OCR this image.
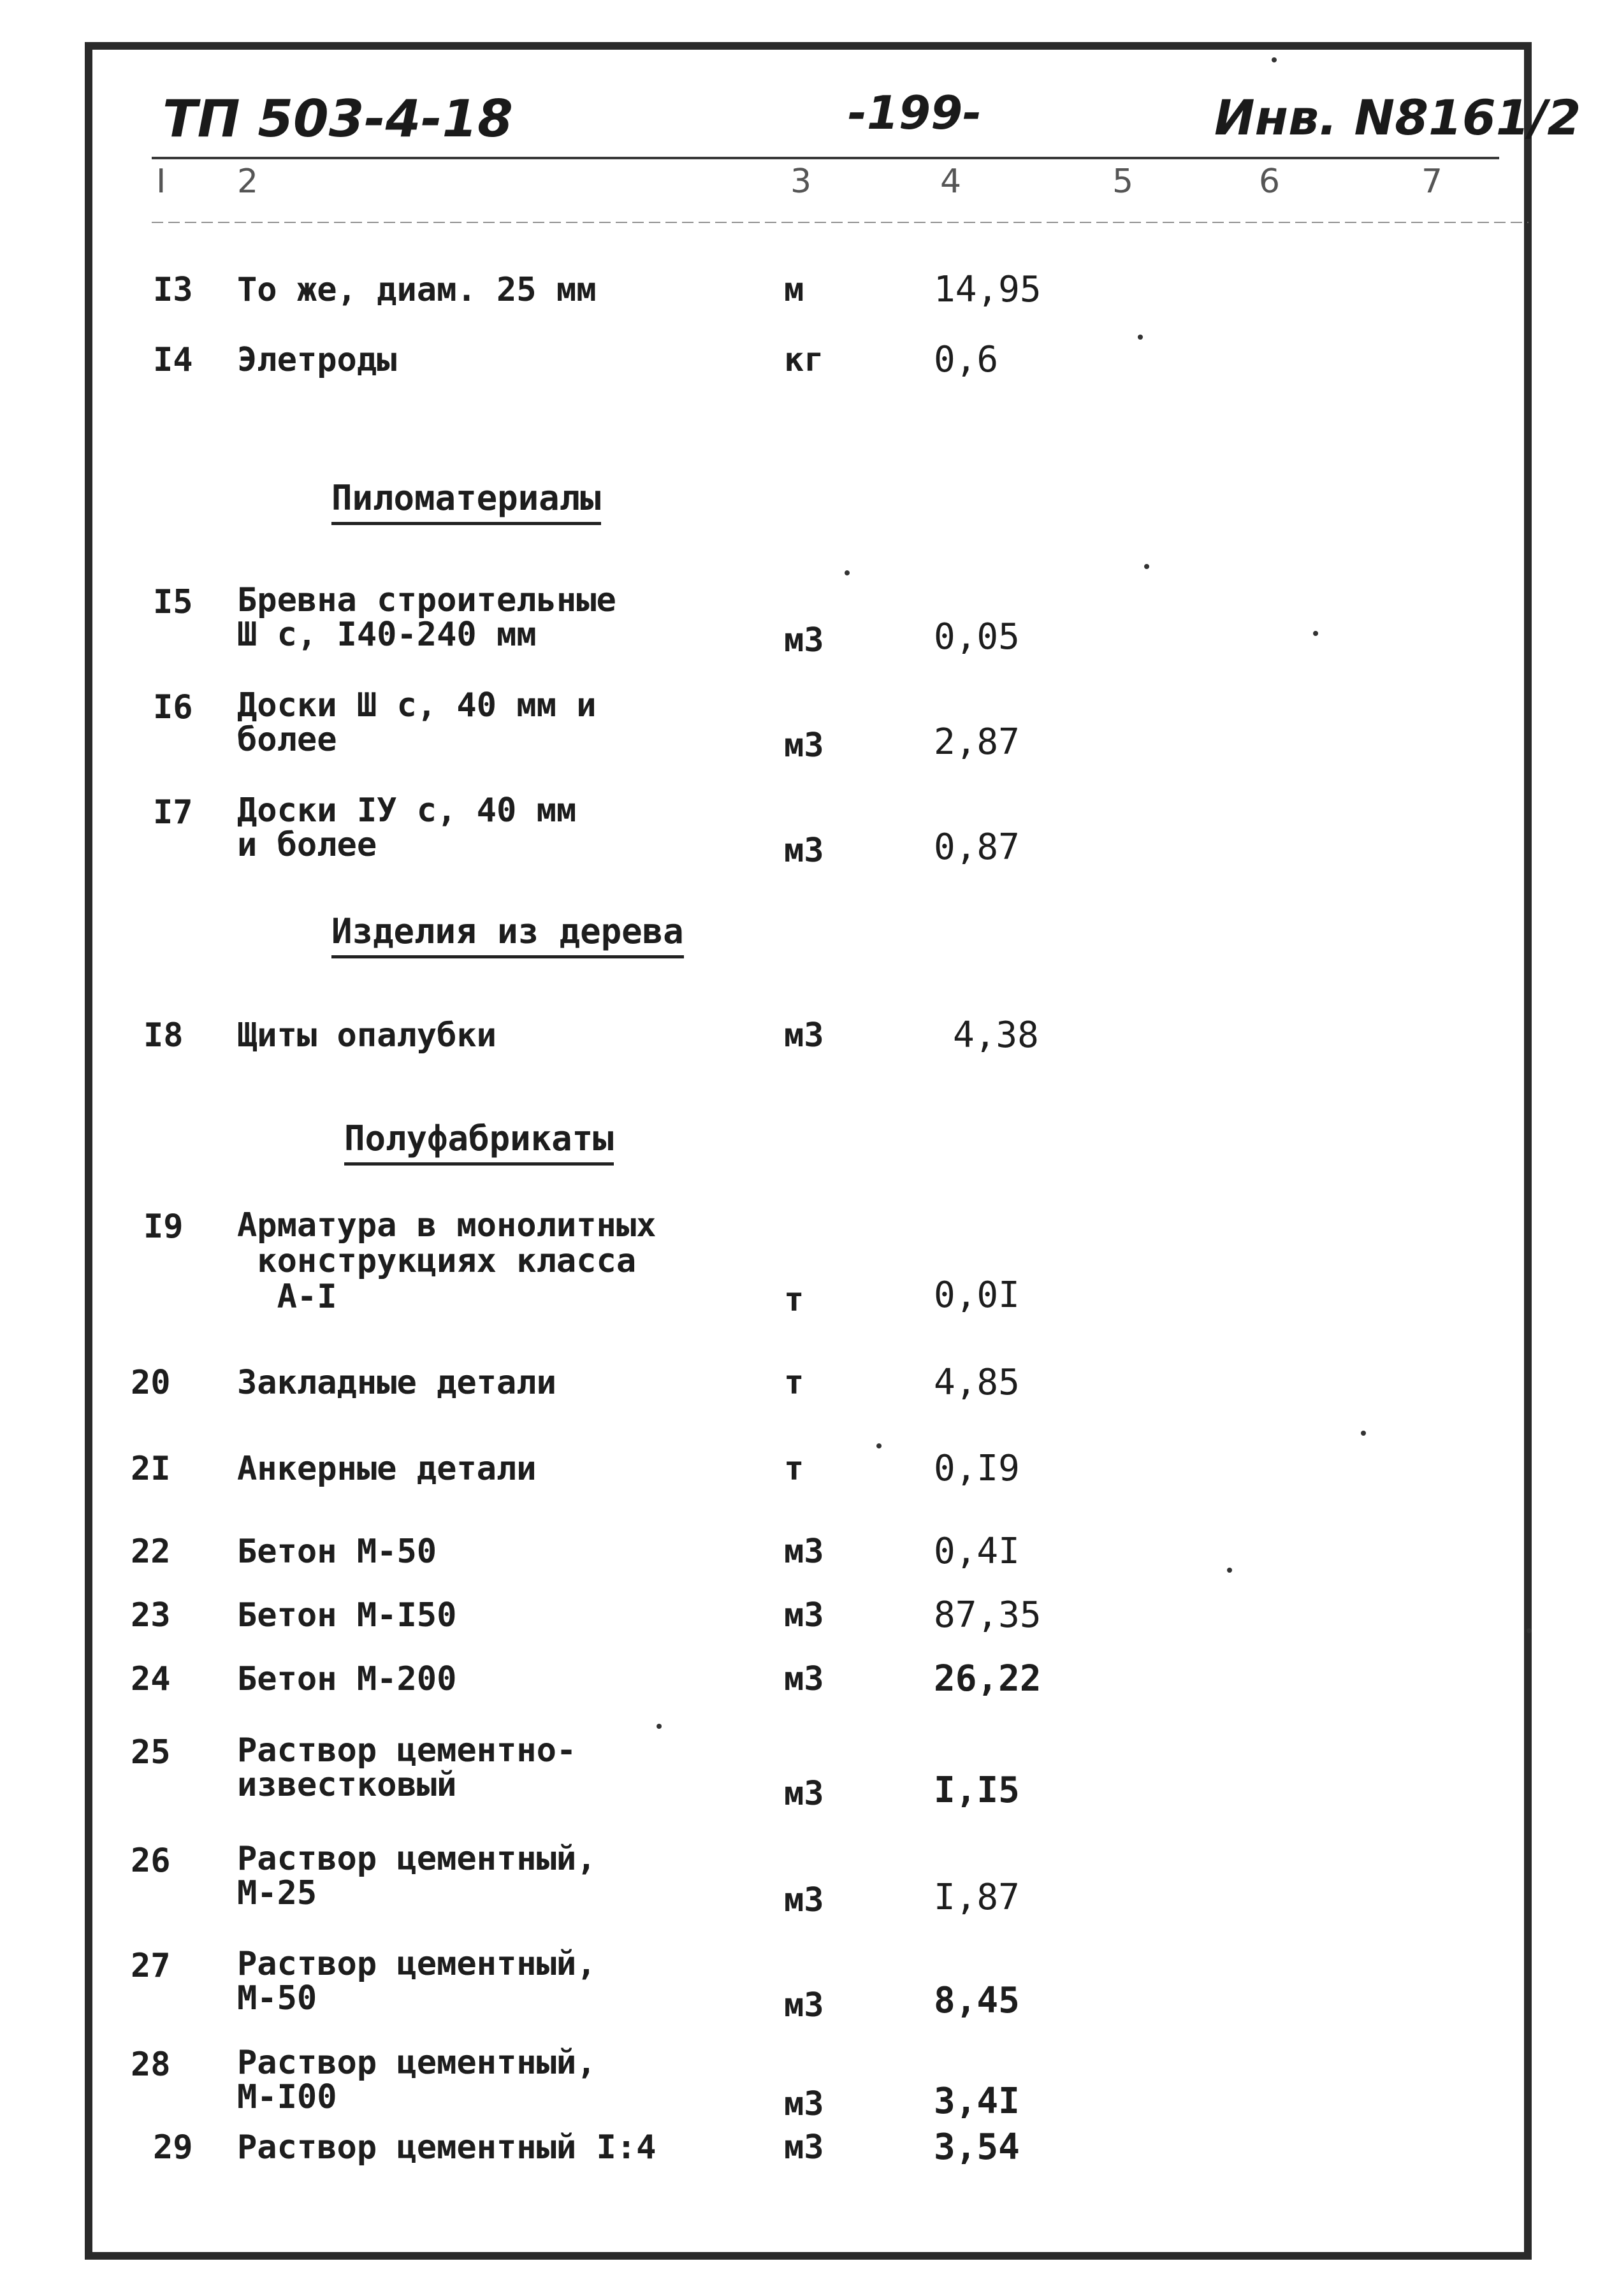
ТП 503-4-18	-199-	Инв. N8161/2
I 2	3	4	5	6	7
I3 То же, диам. 25 мм	м	14,95
I4 Элетроды	кг	0,6
Пиломатериалы
I5 Бревна строительные
Ш с, I40-240 мм	м3	0,05
I6 Доски Ш с, 40 мм и
более	м3	2,87
I7 Доски IУ с, 40 мм
и более	м3	0,87
Изделия из дерева
I8 Щиты опалубки	м3	4,38
Полуфабрикаты
I9 Арматура в монолитных
конструкциях класса
А-I	т	0,0I
20 Закладные детали	т	4,85
2I Анкерные детали	т	0,I9
22 Бетон М-50	м3	0,4I
23 Бетон М-I50	м3	87,35
24 Бетон М-200	м3	26,22
25 Раствор цементно-
известковый	м3	I,I5
26 Раствор цементный,
М-25	м3	I,87
27 Раствор цементный,
М-50	м3	8,45
28 Раствор цементный,
М-I00	м3	3,4I
29 Раствор цементный I:4	м3	3,54
